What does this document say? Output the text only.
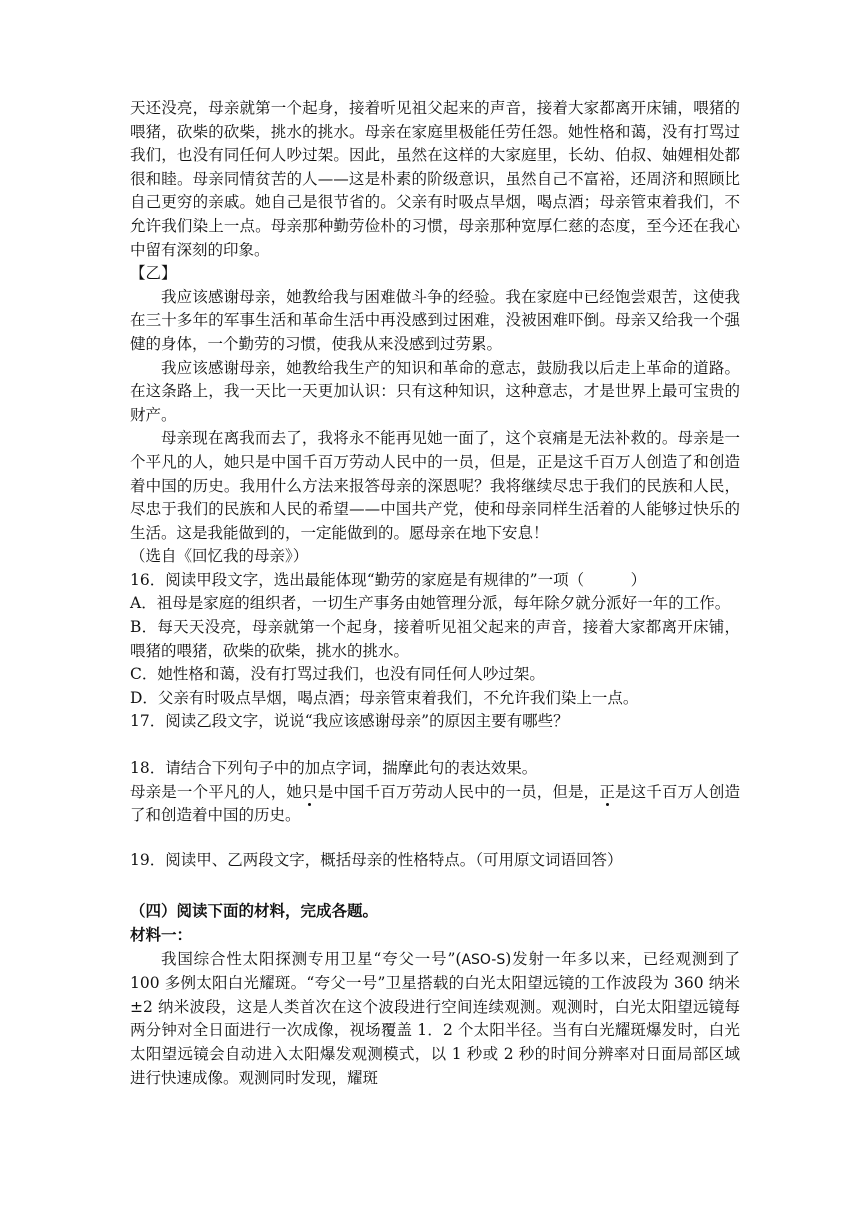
天还没亮，母亲就第一个起身，接着听见祖父起来的声音，接着大家都离开床铺，喂猪的喂猪，砍柴的砍柴，挑水的挑水。母亲在家庭里极能任劳任怨。她性格和蔼，没有打骂过我们，也没有同任何人吵过架。因此，虽然在这样的大家庭里，长幼、伯叔、妯娌相处都很和睦。母亲同情贫苦的人——这是朴素的阶级意识，虽然自己不富裕，还周济和照顾比自己更穷的亲戚。她自己是很节省的。父亲有时吸点旱烟，喝点酒；母亲管束着我们，不允许我们染上一点。母亲那种勤劳俭朴的习惯，母亲那种宽厚仁慈的态度，至今还在我心中留有深刻的印象。

【乙】

我应该感谢母亲，她教给我与困难做斗争的经验。我在家庭中已经饱尝艰苦，这使我在三十多年的军事生活和革命生活中再没感到过困难，没被困难吓倒。母亲又给我一个强健的身体，一个勤劳的习惯，使我从来没感到过劳累。

我应该感谢母亲，她教给我生产的知识和革命的意志，鼓励我以后走上革命的道路。在这条路上，我一天比一天更加认识：只有这种知识，这种意志，才是世界上最可宝贵的财产。

母亲现在离我而去了，我将永不能再见她一面了，这个哀痛是无法补救的。母亲是一个平凡的人，她只是中国千百万劳动人民中的一员，但是，正是这千百万人创造了和创造着中国的历史。我用什么方法来报答母亲的深恩呢？我将继续尽忠于我们的民族和人民，尽忠于我们的民族和人民的希望——中国共产党，使和母亲同样生活着的人能够过快乐的生活。这是我能做到的，一定能做到的。愿母亲在地下安息！

（选自《回忆我的母亲》）

16．阅读甲段文字，选出最能体现“勤劳的家庭是有规律的”一项（　　　）

A．祖母是家庭的组织者，一切生产事务由她管理分派，每年除夕就分派好一年的工作。

B．每天天没亮，母亲就第一个起身，接着听见祖父起来的声音，接着大家都离开床铺，喂猪的喂猪，砍柴的砍柴，挑水的挑水。

C．她性格和蔼，没有打骂过我们，也没有同任何人吵过架。

D．父亲有时吸点旱烟，喝点酒；母亲管束着我们，不允许我们染上一点。

17．阅读乙段文字，说说“我应该感谢母亲”的原因主要有哪些？

18．请结合下列句子中的加点字词，揣摩此句的表达效果。

母亲是一个平凡的人，她只是中国千百万劳动人民中的一员，但是，正是这千百万人创造了和创造着中国的历史。

19．阅读甲、乙两段文字，概括母亲的性格特点。（可用原文词语回答）

（四）阅读下面的材料，完成各题。

材料一：

我国综合性太阳探测专用卫星“夸父一号”(ASO-S)发射一年多以来，已经观测到了 100 多例太阳白光耀斑。“夸父一号”卫星搭载的白光太阳望远镜的工作波段为 360 纳米±2 纳米波段，这是人类首次在这个波段进行空间连续观测。观测时，白光太阳望远镜每两分钟对全日面进行一次成像，视场覆盖 1．2 个太阳半径。当有白光耀斑爆发时，白光太阳望远镜会自动进入太阳爆发观测模式，以 1 秒或 2 秒的时间分辨率对日面局部区域进行快速成像。观测同时发现，耀斑
